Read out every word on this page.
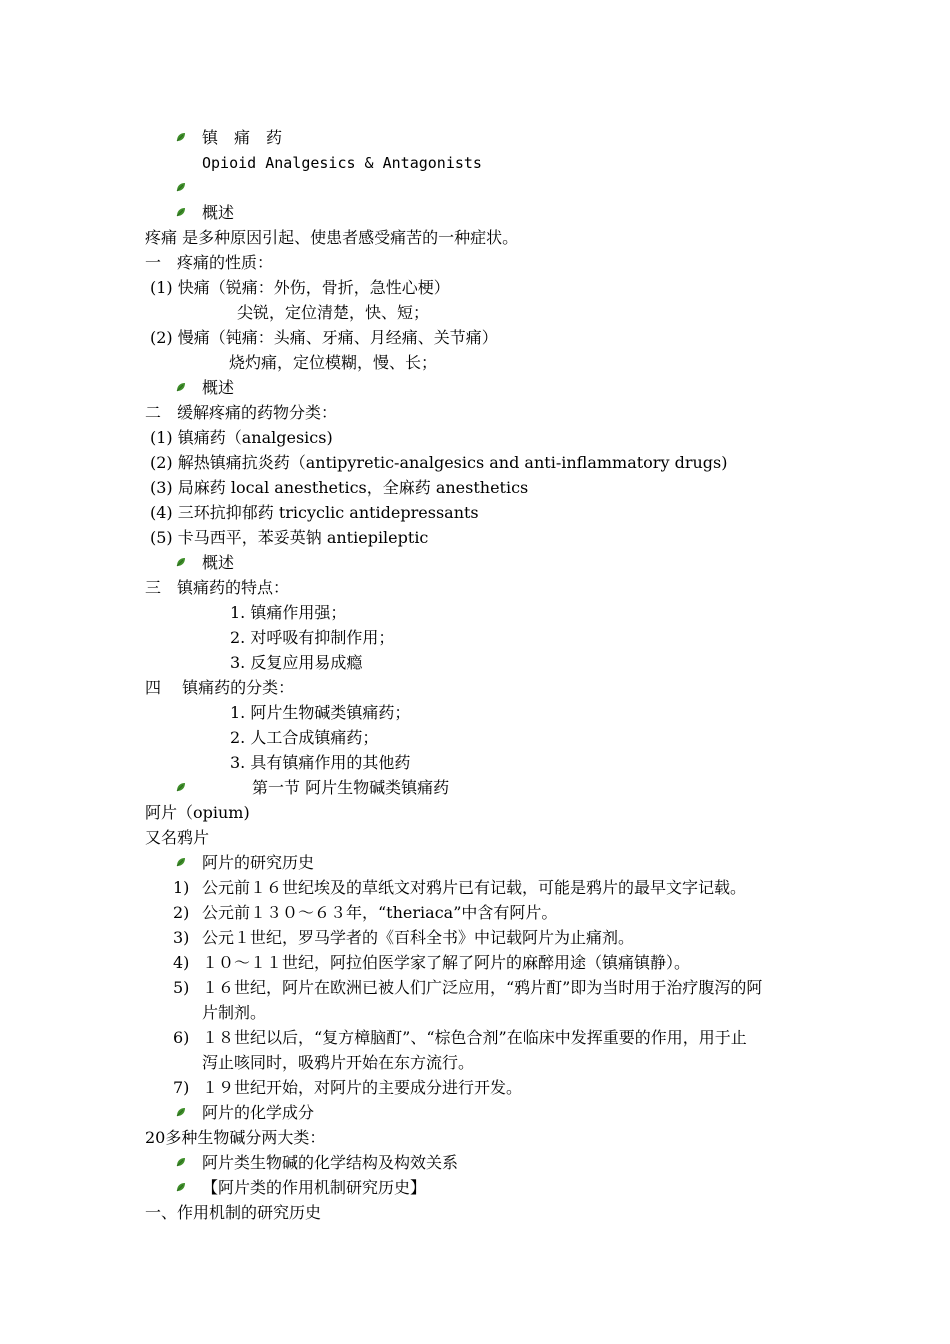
镇　痛　药
Opioid Analgesics & Antagonists
概述
疼痛 是多种原因引起、使患者感受痛苦的一种症状。
一　疼痛的性质：
(1) 快痛（锐痛：外伤，骨折，急性心梗）
尖锐，定位清楚，快、短；
(2) 慢痛（钝痛：头痛、牙痛、月经痛、关节痛）
烧灼痛，定位模糊，慢、长；
概述
二　缓解疼痛的药物分类：
(1) 镇痛药（analgesics)
(2) 解热镇痛抗炎药（antipyretic-analgesics and anti-inflammatory drugs)
(3) 局麻药 local anesthetics，全麻药 anesthetics
(4) 三环抗抑郁药 tricyclic antidepressants
(5) 卡马西平，苯妥英钠 antiepileptic
概述
三　镇痛药的特点：
1. 镇痛作用强；
2. 对呼吸有抑制作用；
3. 反复应用易成瘾
四　 镇痛药的分类：
1. 阿片生物碱类镇痛药；
2. 人工合成镇痛药；
3. 具有镇痛作用的其他药
第一节 阿片生物碱类镇痛药
阿片（opium)
又名鸦片
阿片的研究历史
1) 公元前１６世纪埃及的草纸文对鸦片已有记载，可能是鸦片的最早文字记载。
2) 公元前１３０～６３年，“theriaca”中含有阿片。
3) 公元１世纪，罗马学者的《百科全书》中记载阿片为止痛剂。
4) １０～１１世纪，阿拉伯医学家了解了阿片的麻醉用途（镇痛镇静）。
5) １６世纪，阿片在欧洲已被人们广泛应用，“鸦片酊”即为当时用于治疗腹泻的阿
片制剂。
6) １８世纪以后，“复方樟脑酊”、“棕色合剂”在临床中发挥重要的作用，用于止
泻止咳同时，吸鸦片开始在东方流行。
7) １９世纪开始，对阿片的主要成分进行开发。
阿片的化学成分
20多种生物碱分两大类：
阿片类生物碱的化学结构及构效关系
【阿片类的作用机制研究历史】
一、作用机制的研究历史
